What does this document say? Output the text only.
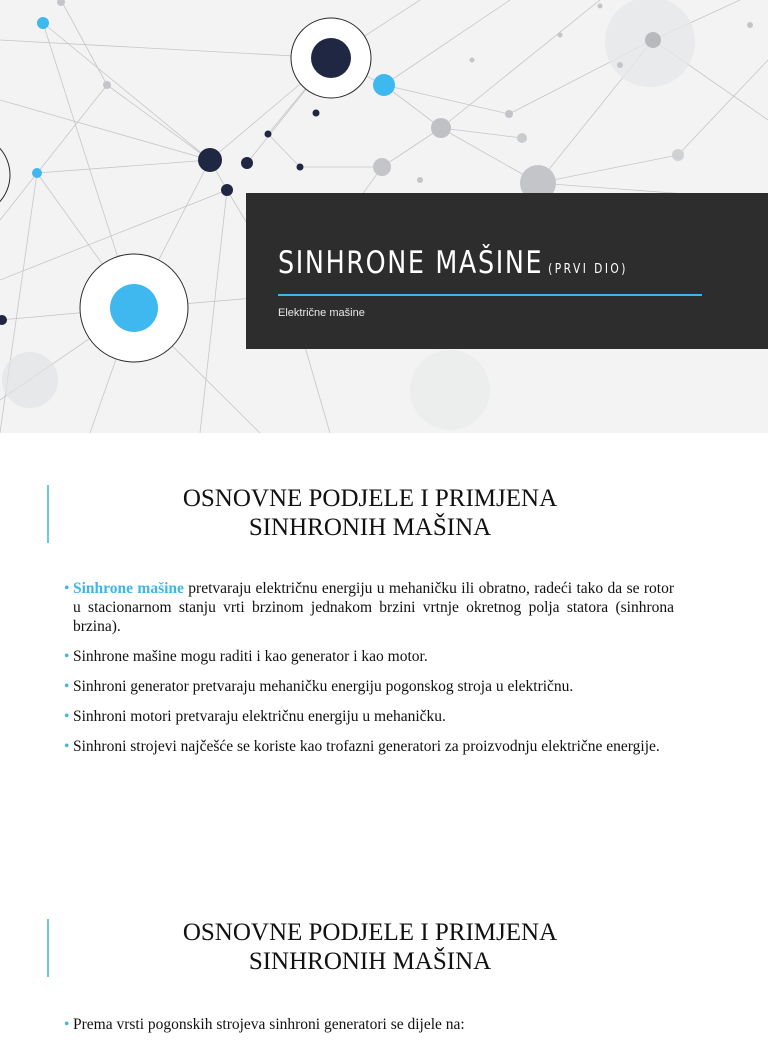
SINHRONE MAŠINE (PRVI DIO)
Električne mašine
OSNOVNE PODJELE I PRIMJENA
SINHRONIH MAŠINA
• Sinhrone mašine pretvaraju električnu energiju u mehaničku ili obratno, radeći tako da se rotor u stacionarnom stanju vrti brzinom jednakom brzini vrtnje okretnog polja statora (sinhrona brzina).
• Sinhrone mašine mogu raditi i kao generator i kao motor.
• Sinhroni generator pretvaraju mehaničku energiju pogonskog stroja u električnu.
• Sinhroni motori pretvaraju električnu energiju u mehaničku.
• Sinhroni strojevi najčešće se koriste kao trofazni generatori za proizvodnju električne energije.
OSNOVNE PODJELE I PRIMJENA
SINHRONIH MAŠINA
• Prema vrsti pogonskih strojeva sinhroni generatori se dijele na:
